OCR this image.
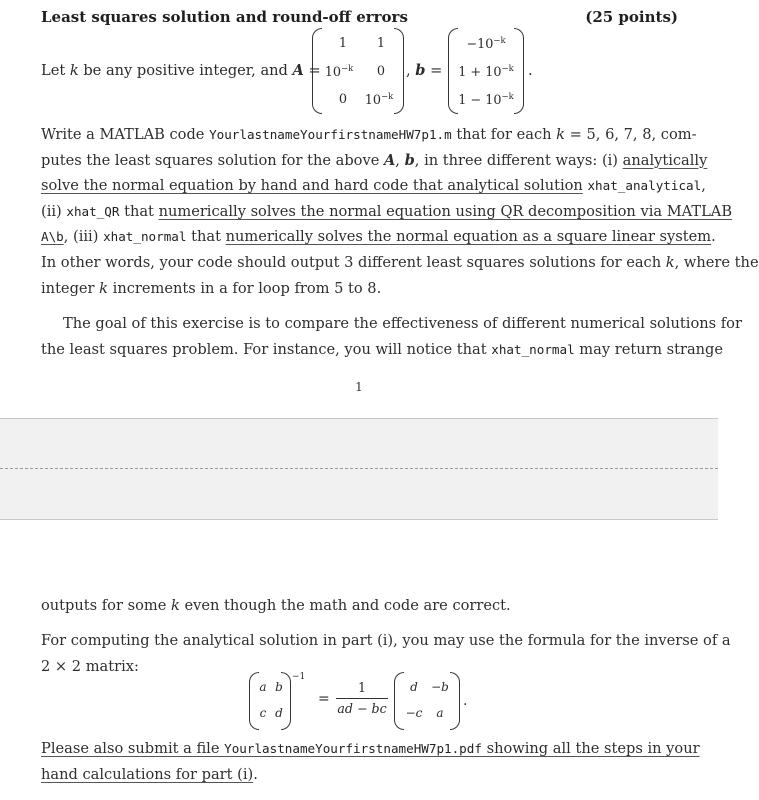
Least squares solution and round-off errors	(25 points)
Let k be any positive integer, and A =
1	1
$10^{-k}$	0
0	$10^{-k}$
, b =
$-10^{-k}$
$1 + 10^{-k}$
$1 - 10^{-k}$
.
Write a MATLAB code YourlastnameYourfirstnameHW7p1.m that for each k = 5, 6, 7, 8, com-
putes the least squares solution for the above A, b, in three different ways: (i) analytically
solve the normal equation by hand and hard code that analytical solution xhat_analytical,
(ii) xhat_QR that numerically solves the normal equation using QR decomposition via MATLAB
A\b, (iii) xhat_normal that numerically solves the normal equation as a square linear system.
In other words, your code should output 3 different least squares solutions for each k, where the
integer k increments in a for loop from 5 to 8.
The goal of this exercise is to compare the effectiveness of different numerical solutions for
the least squares problem. For instance, you will notice that xhat_normal may return strange
1
outputs for some k even though the math and code are correct.
For computing the analytical solution in part (i), you may use the formula for the inverse of a
2 × 2 matrix:
a b
c d
−1
=
1
ad − bc
d	−b
−c	a
.
Please also submit a file YourlastnameYourfirstnameHW7p1.pdf showing all the steps in your
hand calculations for part (i).
